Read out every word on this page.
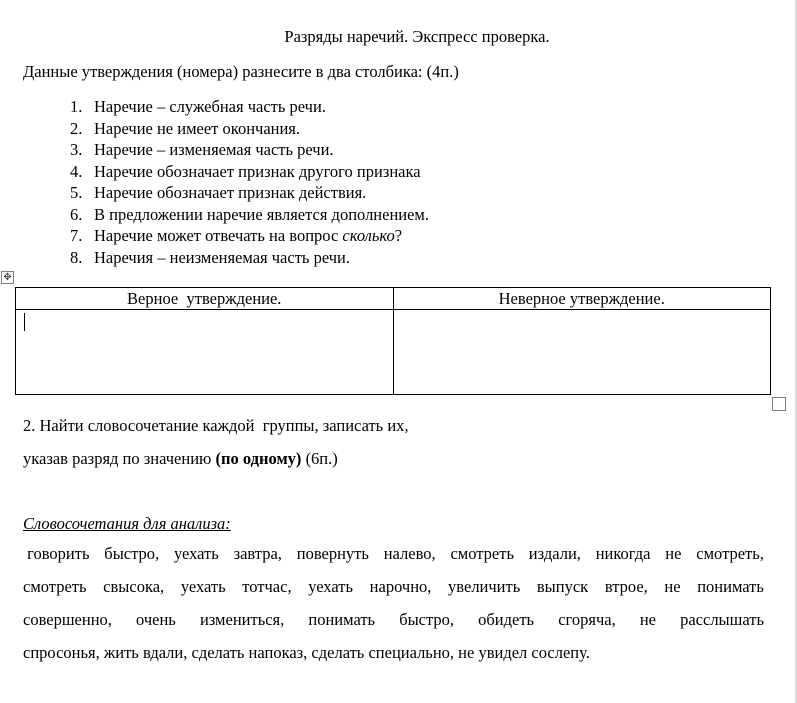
Разряды наречий. Экспресс проверка.
Данные утверждения (номера) разнесите в два столбика: (4п.)
1. Наречие – служебная часть речи.
2. Наречие не имеет окончания.
3. Наречие – изменяемая часть речи.
4. Наречие обозначает признак другого признака
5. Наречие обозначает признак действия.
6. В предложении наречие является дополнением.
7. Наречие может отвечать на вопрос сколько?
8. Наречия – неизменяемая часть речи.
✥
Верное  утверждение.	Неверное утверждение.

2. Найти словосочетание каждой  группы, записать их,
указав разряд по значению (по одному) (6п.)
Словосочетания для анализа:
говорить быстро, уехать завтра, повернуть налево, смотреть издали, никогда не смотреть,
смотреть свысока, уехать тотчас, уехать нарочно, увеличить выпуск втрое, не понимать
совершенно, очень измениться, понимать быстро, обидеть сгоряча, не расслышать
спросонья, жить вдали, сделать напоказ, сделать специально, не увидел сослепу.
